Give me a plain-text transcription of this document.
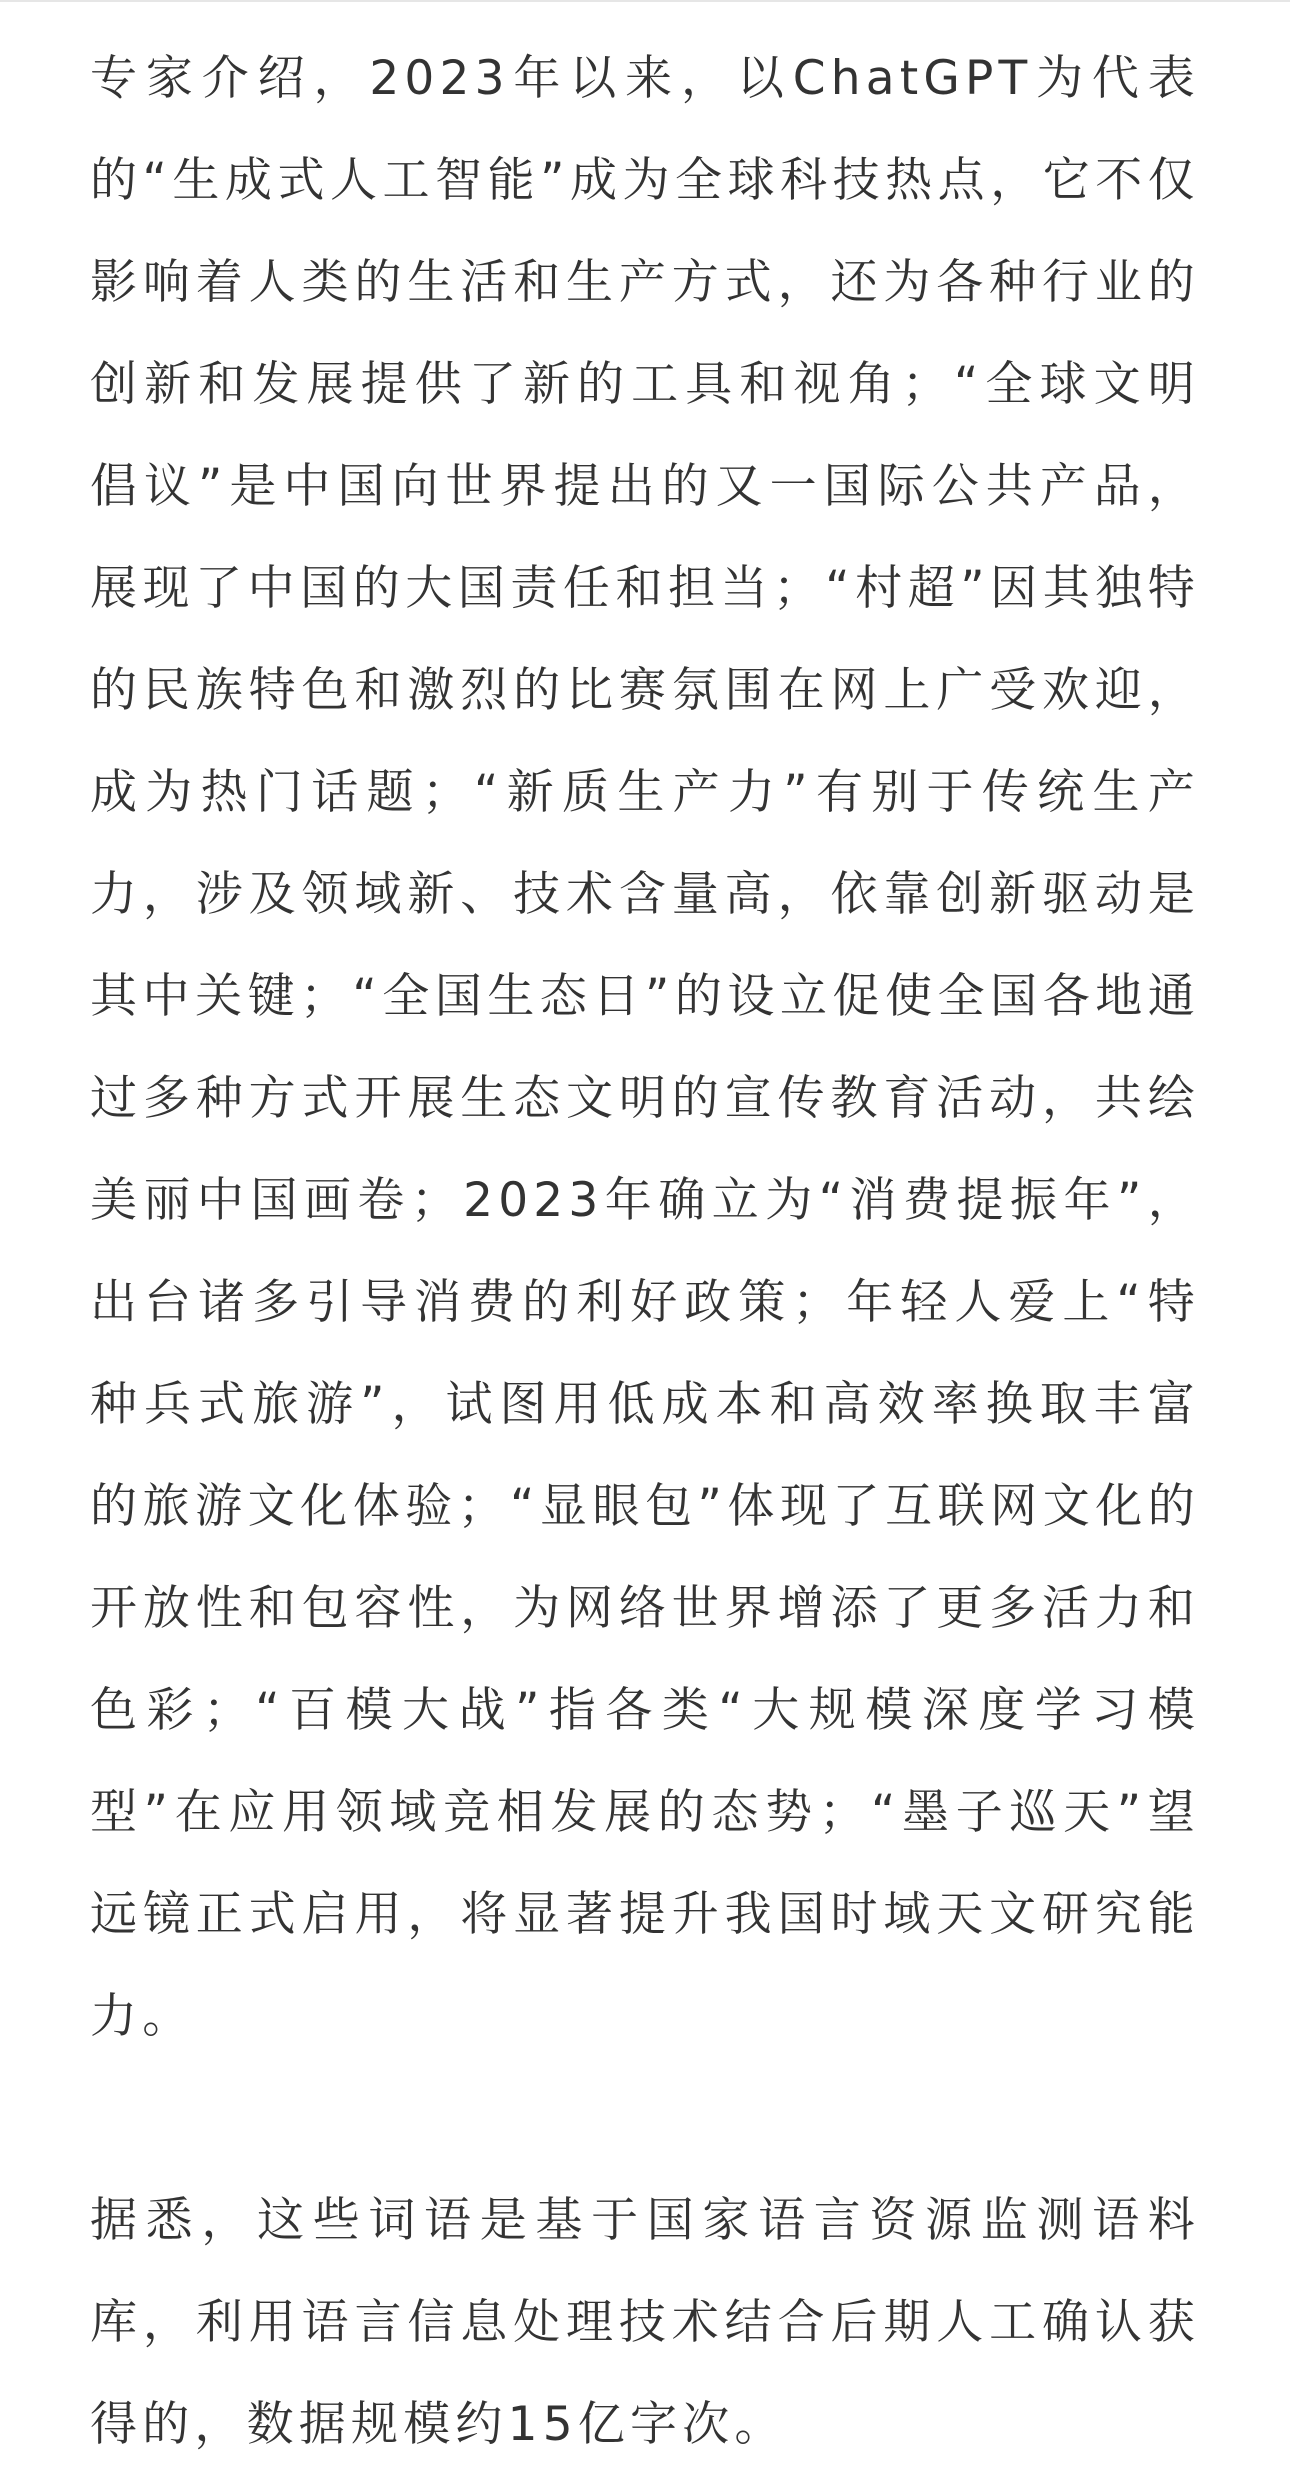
专家介绍，2023年以来，以ChatGPT为代表的“生成式人工智能”成为全球科技热点，它不仅影响着人类的生活和生产方式，还为各种行业的创新和发展提供了新的工具和视角；“全球文明倡议”是中国向世界提出的又一国际公共产品，展现了中国的大国责任和担当；“村超”因其独特的民族特色和激烈的比赛氛围在网上广受欢迎，成为热门话题；“新质生产力”有别于传统生产力，涉及领域新、技术含量高，依靠创新驱动是其中关键；“全国生态日”的设立促使全国各地通过多种方式开展生态文明的宣传教育活动，共绘美丽中国画卷；2023年确立为“消费提振年”，出台诸多引导消费的利好政策；年轻人爱上“特种兵式旅游”，试图用低成本和高效率换取丰富的旅游文化体验；“显眼包”体现了互联网文化的开放性和包容性，为网络世界增添了更多活力和色彩；“百模大战”指各类“大规模深度学习模型”在应用领域竞相发展的态势；“墨子巡天”望远镜正式启用，将显著提升我国时域天文研究能力。

据悉，这些词语是基于国家语言资源监测语料库，利用语言信息处理技术结合后期人工确认获得的，数据规模约15亿字次。
